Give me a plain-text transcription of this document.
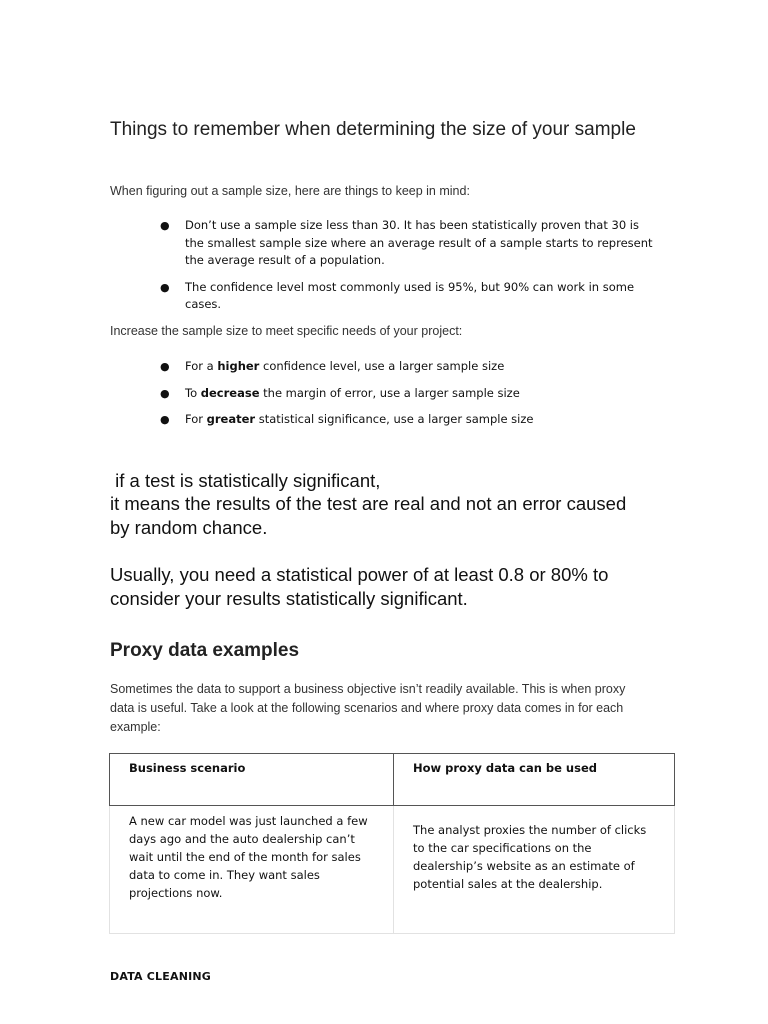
Things to remember when determining the size of your sample
When figuring out a sample size, here are things to keep in mind:
● Don’t use a sample size less than 30. It has been statistically proven that 30 is the smallest sample size where an average result of a sample starts to represent the average result of a population.
● The confidence level most commonly used is 95%, but 90% can work in some cases.
Increase the sample size to meet specific needs of your project:
● For a higher confidence level, use a larger sample size
● To decrease the margin of error, use a larger sample size
● For greater statistical significance, use a larger sample size
if a test is statistically significant,
it means the results of the test are real and not an error caused by random chance.
Usually, you need a statistical power of at least 0.8 or 80% to consider your results statistically significant.
Proxy data examples
Sometimes the data to support a business objective isn’t readily available. This is when proxy data is useful. Take a look at the following scenarios and where proxy data comes in for each example:
Business scenario	How proxy data can be used
A new car model was just launched a few days ago and the auto dealership can’t wait until the end of the month for sales data to come in. They want sales projections now.	The analyst proxies the number of clicks to the car specifications on the dealership’s website as an estimate of potential sales at the dealership.
DATA CLEANING
